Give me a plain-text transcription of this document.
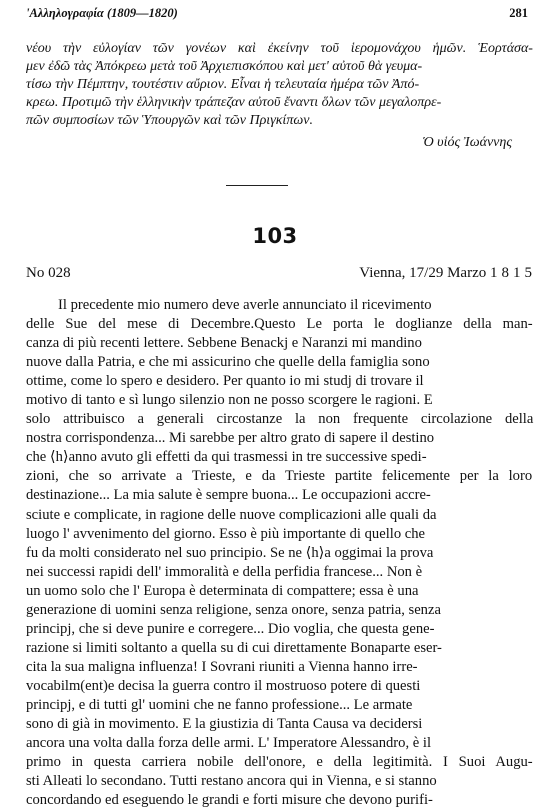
'Αλληλογραφία (1809—1820)	281
νέου τὴν εὐλογίαν τῶν γονέων καὶ ἐκείνην τοῦ ἱερομονάχου ἡμῶν. Ἑορτάσα-
μεν ἐδῶ τὰς Ἀπόκρεω μετὰ τοῦ Ἀρχιεπισκόπου καὶ μετ' αὐτοῦ θὰ γευμα-
τίσω τὴν Πέμπτην, τουτέστιν αὔριον. Εἶναι ἡ τελευταία ἡμέρα τῶν Ἀπό-
κρεω. Προτιμῶ τὴν ἑλληνικὴν τράπεζαν αὐτοῦ ἔναντι ὅλων τῶν μεγαλοπρε-
πῶν συμποσίων τῶν Ὑπουργῶν καὶ τῶν Πριγκίπων.
Ὁ υἱός Ἰωάννης
103
No 028	Vienna, 17/29 Marzo 1815
Il precedente mio numero deve averle annunciato il ricevimento
delle Sue del mese di Decembre.Questo Le porta le doglianze della man-
canza di più recenti lettere. Sebbene Benackj e Naranzi mi mandino
nuove dalla Patria, e che mi assicurino che quelle della famiglia sono
ottime, come lo spero e desidero. Per quanto io mi studj di trovare il
motivo di tanto e sì lungo silenzio non ne posso scorgere le ragioni. E
solo attribuisco a generali circostanze la non frequente circolazione della
nostra corrispondenza... Mi sarebbe per altro grato di sapere il destino
che ⟨h⟩anno avuto gli effetti da qui trasmessi in tre successive spedi-
zioni, che so arrivate a Trieste, e da Trieste partite felicemente per la loro
destinazione... La mia salute è sempre buona... Le occupazioni accre-
sciute e complicate, in ragione delle nuove complicazioni alle quali da
luogo l' avvenimento del giorno. Esso è più importante di quello che
fu da molti considerato nel suo principio. Se ne ⟨h⟩a oggimai la prova
nei successi rapidi dell' immoralità e della perfidia francese... Non è
un uomo solo che l' Europa è determinata di compattere; essa è una
generazione di uomini senza religione, senza onore, senza patria, senza
principj, che si deve punire e corregere... Dio voglia, che questa gene-
razione si limiti soltanto a quella su di cui direttamente Bonaparte eser-
cita la sua maligna influenza! I Sovrani riuniti a Vienna hanno irre-
vocabilm(ent)e decisa la guerra contro il mostruoso potere di questi
principj, e di tutti gl' uomini che ne fanno professione... Le armate
sono di già in movimento. E la giustizia di Tanta Causa va decidersi
ancora una volta dalla forza delle armi. L' Imperatore Alessandro, è il
primo in questa carriera nobile dell'onore, e della legitimità. I Suoi Augu-
sti Alleati lo secondano. Tutti restano ancora qui in Vienna, e si stanno
concordando ed eseguendo le grandi e forti misure che devono purifi-
